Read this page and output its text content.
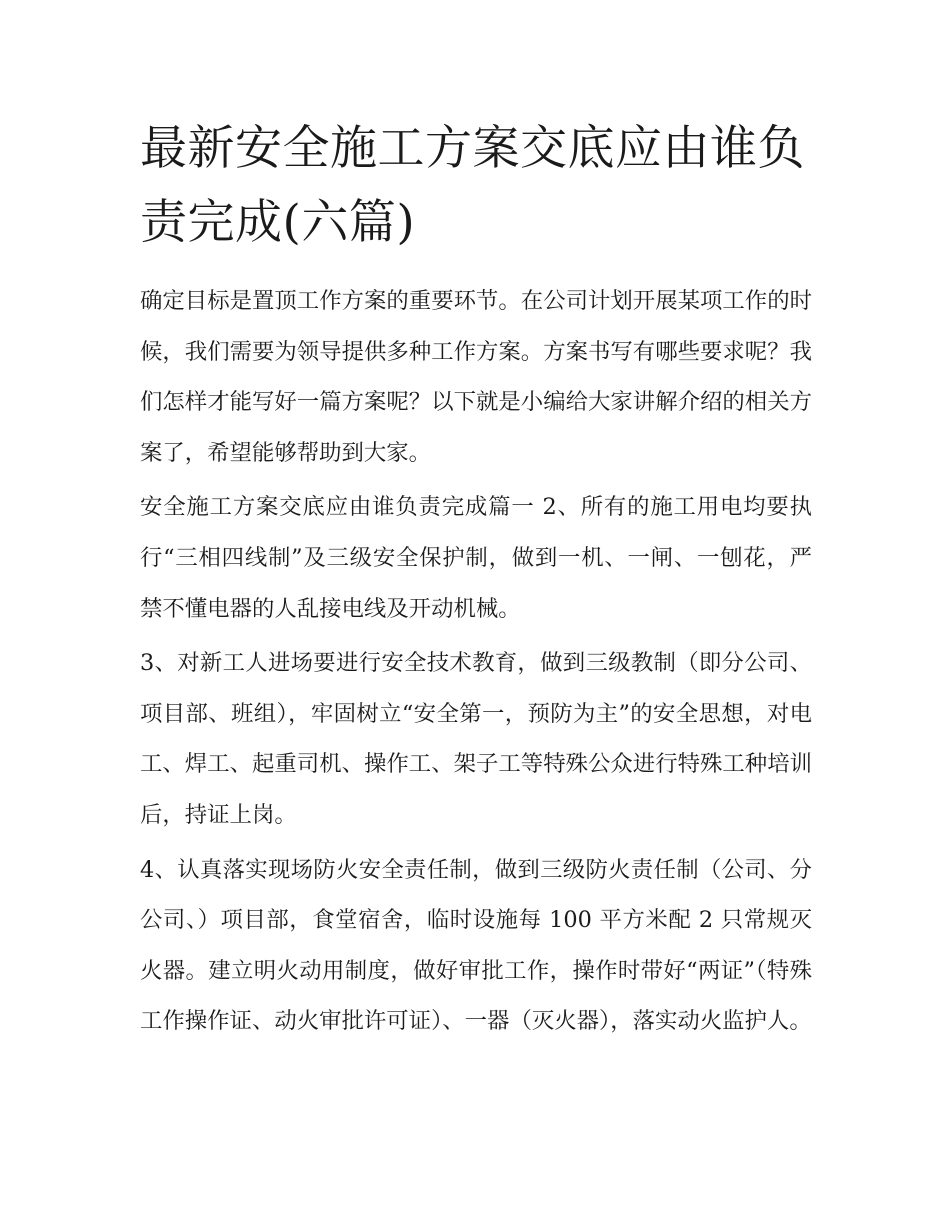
最新安全施工方案交底应由谁负责完成(六篇)

确定目标是置顶工作方案的重要环节。在公司计划开展某项工作的时候，我们需要为领导提供多种工作方案。方案书写有哪些要求呢？我们怎样才能写好一篇方案呢？以下就是小编给大家讲解介绍的相关方案了，希望能够帮助到大家。

安全施工方案交底应由谁负责完成篇一 2、所有的施工用电均要执行“三相四线制”及三级安全保护制，做到一机、一闸、一刨花，严禁不懂电器的人乱接电线及开动机械。

3、对新工人进场要进行安全技术教育，做到三级教制（即分公司、项目部、班组），牢固树立“安全第一，预防为主”的安全思想，对电工、焊工、起重司机、操作工、架子工等特殊公众进行特殊工种培训后，持证上岗。

4、认真落实现场防火安全责任制，做到三级防火责任制（公司、分公司、）项目部，食堂宿舍，临时设施每 100 平方米配 2 只常规灭火器。建立明火动用制度，做好审批工作，操作时带好“两证”（特殊工作操作证、动火审批许可证）、一器（灭火器），落实动火监护人。
